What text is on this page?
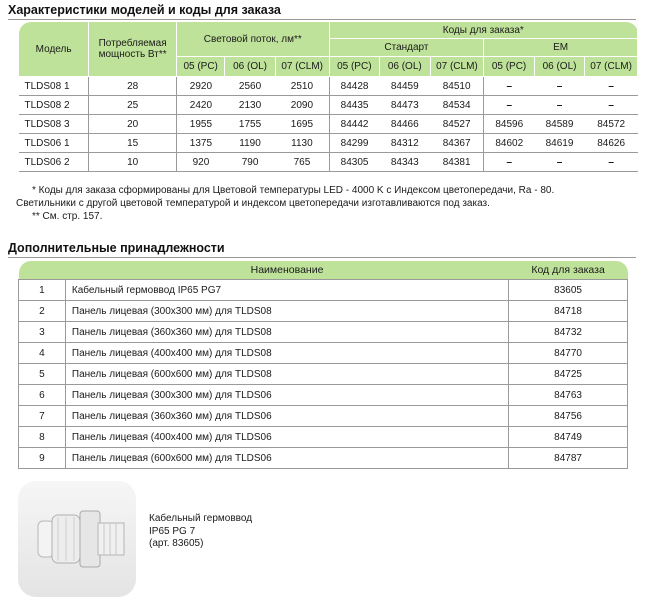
Характеристики моделей и коды для заказа
Модель	Потребляемая мощность Вт**	Световой поток, лм**			Коды для заказа*					
					Стандарт			EM		
		05 (PC)	06 (OL)	07 (CLM)	05 (PC)	06 (OL)	07 (CLM)	05 (PC)	06 (OL)	07 (CLM)
TLDS08 1	28	2920	2560	2510	84428	84459	84510	–	–	–
TLDS08 2	25	2420	2130	2090	84435	84473	84534	–	–	–
TLDS08 3	20	1955	1755	1695	84442	84466	84527	84596	84589	84572
TLDS06 1	15	1375	1190	1130	84299	84312	84367	84602	84619	84626
TLDS06 2	10	920	790	765	84305	84343	84381	–	–	–

* Коды для заказа сформированы для Цветовой температуры LED - 4000 K с Индексом цветопередачи, Ra - 80.

Светильники с другой цветовой температурой и индексом цветопередачи изготавливаются под заказ.

** См. стр. 157.

Дополнительные принадлежности
	Наименование	Код для заказа
1	Кабельный гермоввод IP65 PG7	83605
2	Панель лицевая (300x300 мм) для TLDS08	84718
3	Панель лицевая (360x360 мм) для TLDS08	84732
4	Панель лицевая (400x400 мм) для TLDS08	84770
5	Панель лицевая (600x600 мм) для TLDS08	84725
6	Панель лицевая (300x300 мм) для TLDS06	84763
7	Панель лицевая (360x360 мм) для TLDS06	84756
8	Панель лицевая (400x400 мм) для TLDS06	84749
9	Панель лицевая (600x600 мм) для TLDS06	84787
Кабельный гермоввод
IP65 PG 7
(арт. 83605)
